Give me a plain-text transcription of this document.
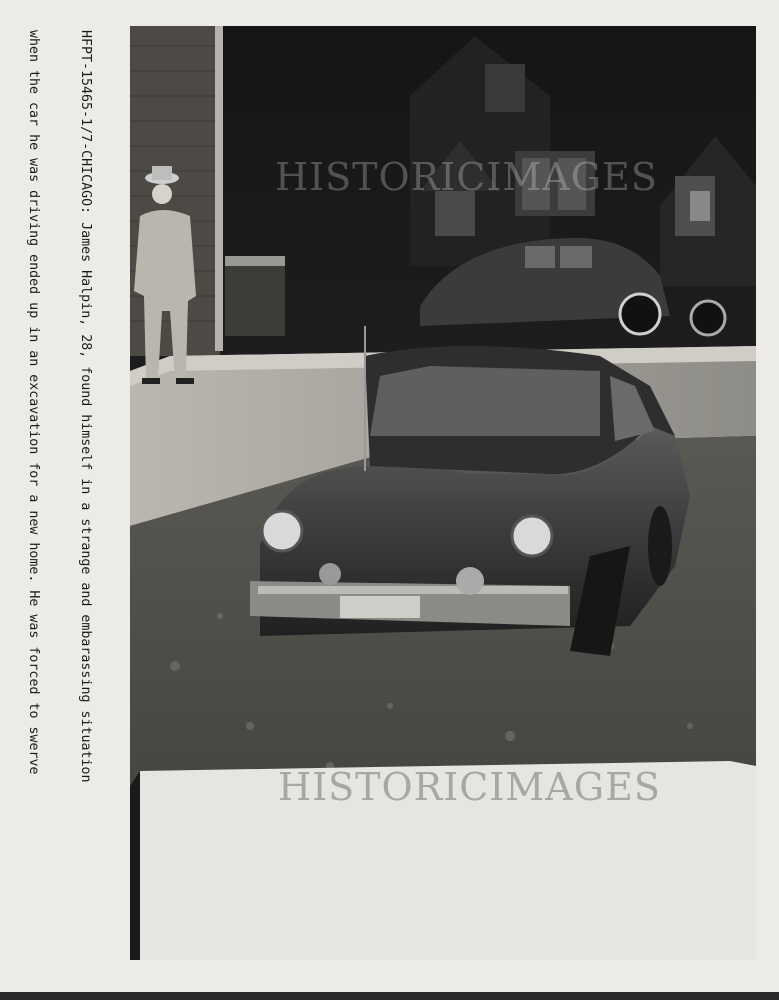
HFPT-15465-1/7-CHICAGO: James Halpin, 28, found himself in a strange and embarassing situation

when the car he was driving ended up in an excavation for a new home. He was forced to swerve

	HISTORICIMAGES
HISTORICIMAGES
